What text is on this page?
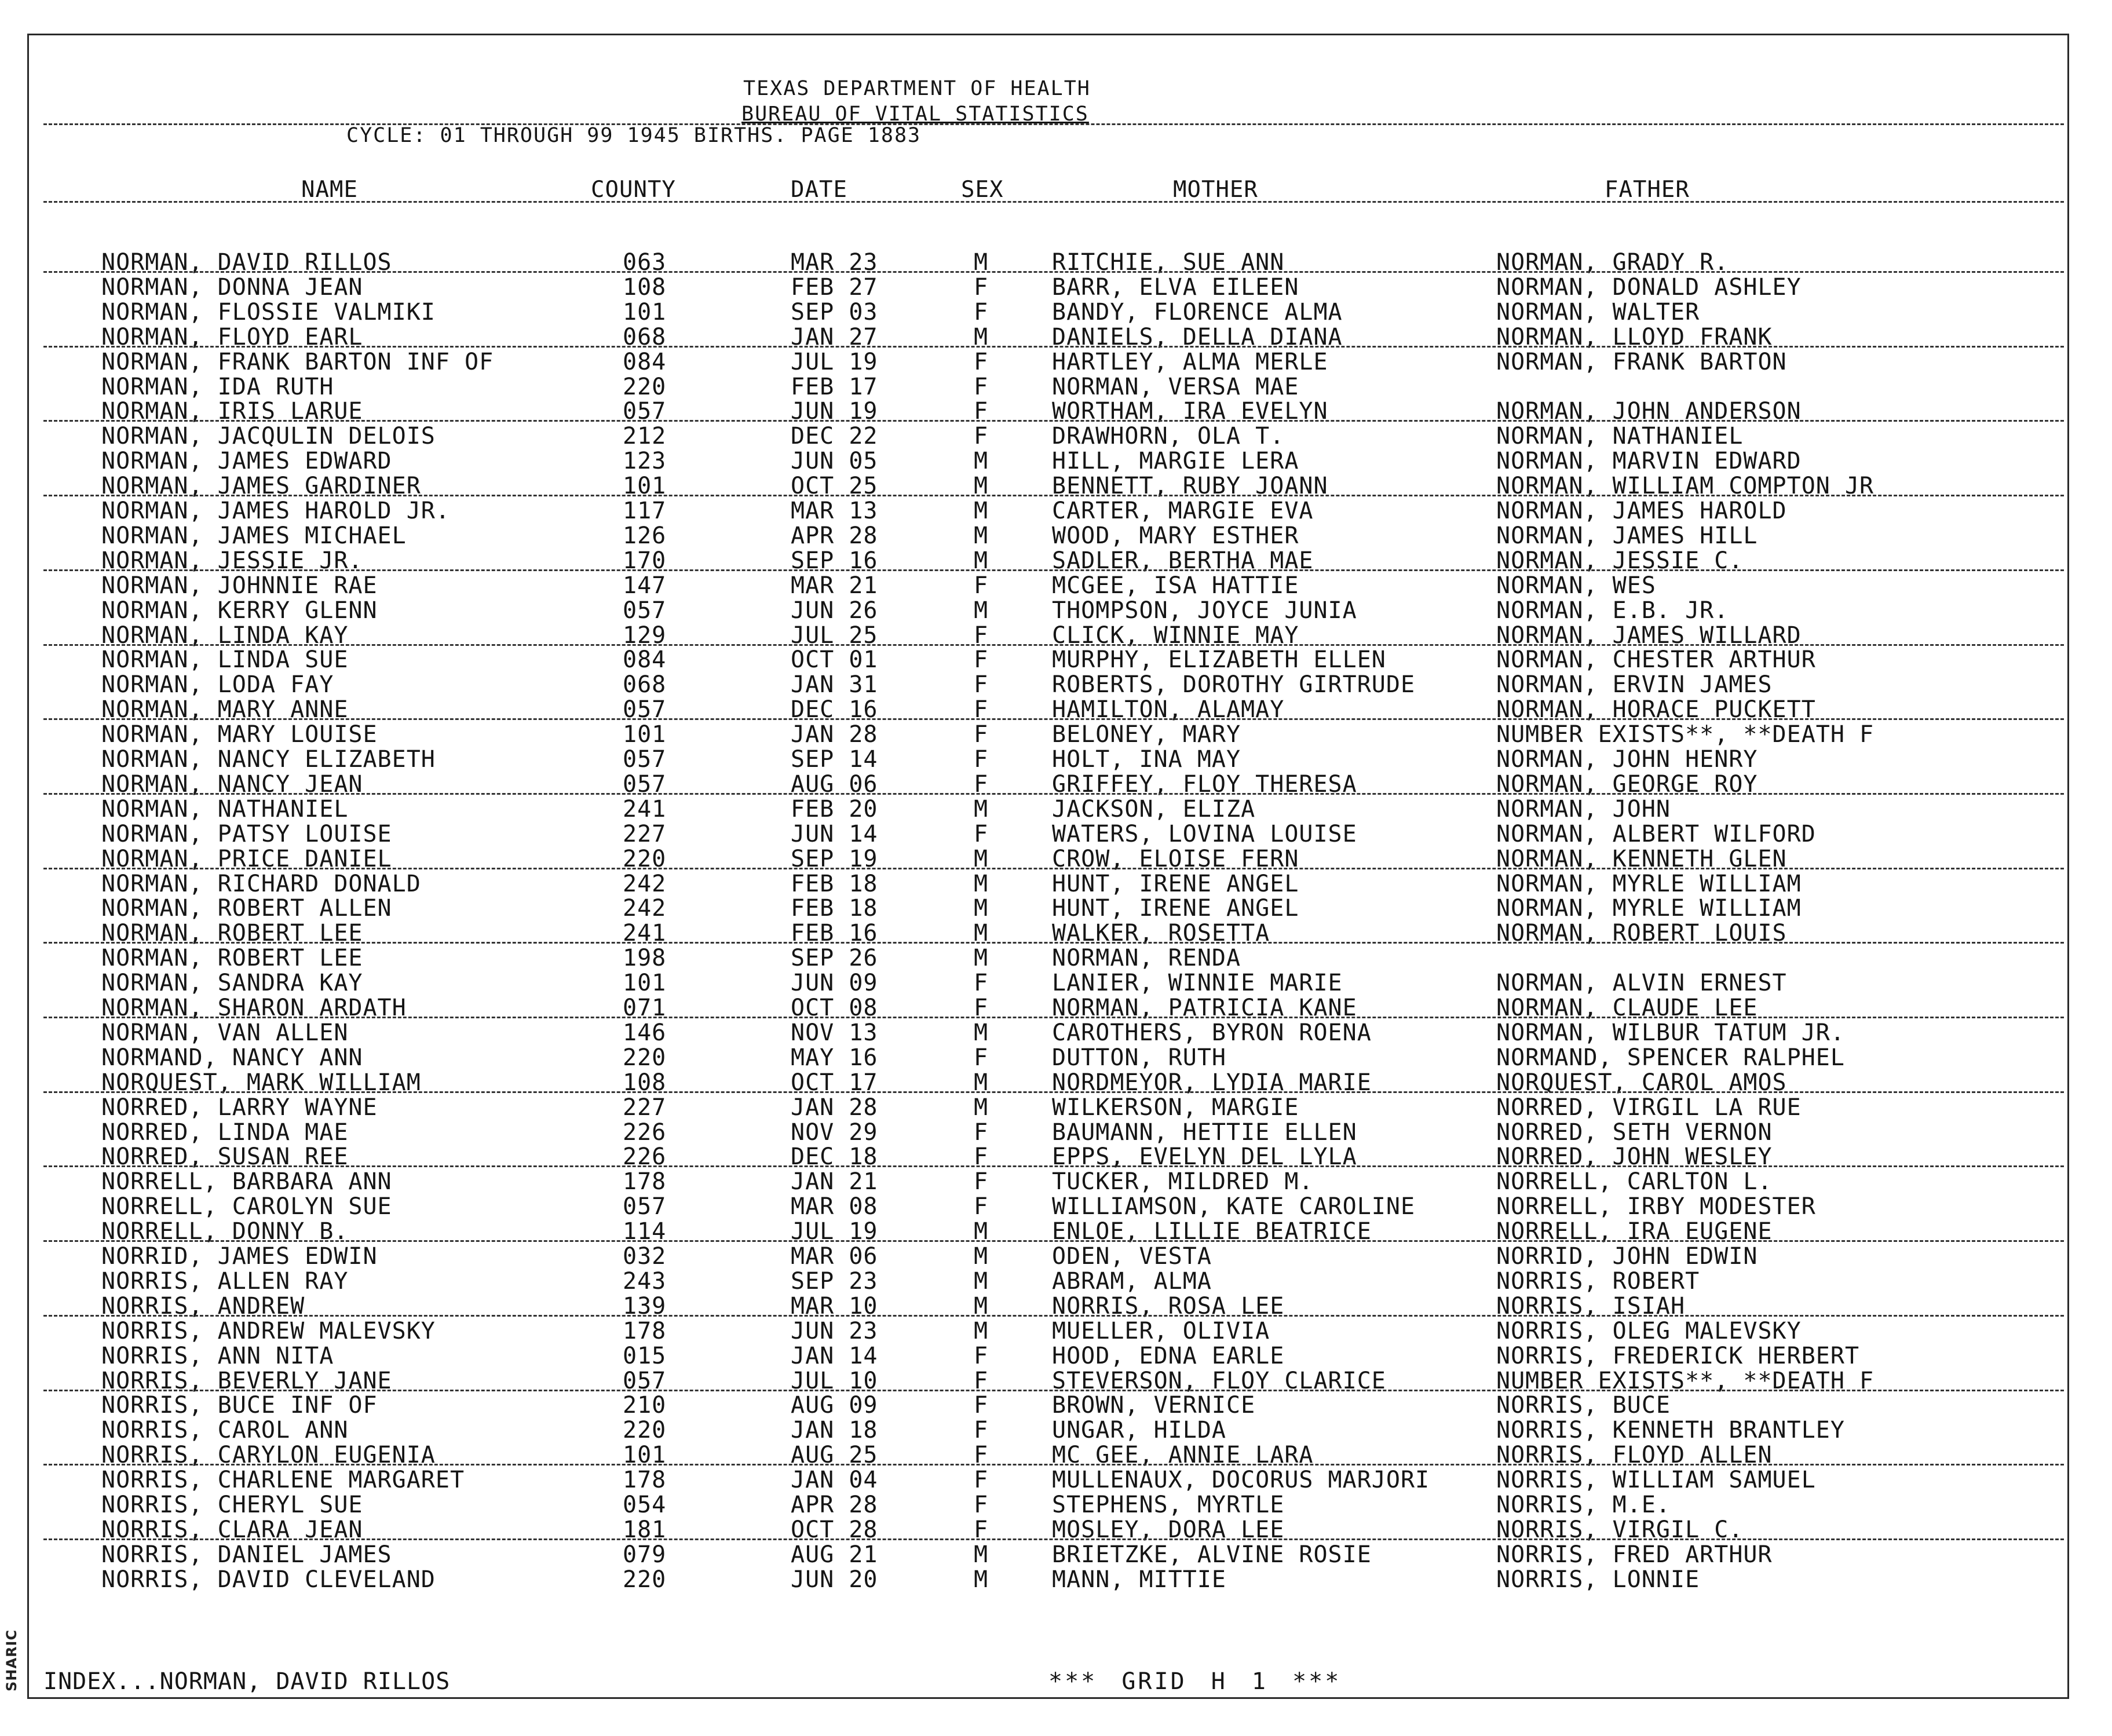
SHARIC
TEXAS DEPARTMENT OF HEALTH
BUREAU OF VITAL STATISTICS
CYCLE: 01 THROUGH 99 1945 BIRTHS. PAGE 1883
NAME	COUNTY	DATE	SEX	MOTHER	FATHER
NORMAN, DAVID RILLOS	063	MAR 23	M	RITCHIE, SUE ANN	NORMAN, GRADY R.
NORMAN, DONNA JEAN	108	FEB 27	F	BARR, ELVA EILEEN	NORMAN, DONALD ASHLEY
NORMAN, FLOSSIE VALMIKI	101	SEP 03	F	BANDY, FLORENCE ALMA	NORMAN, WALTER
NORMAN, FLOYD EARL	068	JAN 27	M	DANIELS, DELLA DIANA	NORMAN, LLOYD FRANK
NORMAN, FRANK BARTON INF OF	084	JUL 19	F	HARTLEY, ALMA MERLE	NORMAN, FRANK BARTON
NORMAN, IDA RUTH	220	FEB 17	F	NORMAN, VERSA MAE
NORMAN, IRIS LARUE	057	JUN 19	F	WORTHAM, IRA EVELYN	NORMAN, JOHN ANDERSON
NORMAN, JACQULIN DELOIS	212	DEC 22	F	DRAWHORN, OLA T.	NORMAN, NATHANIEL
NORMAN, JAMES EDWARD	123	JUN 05	M	HILL, MARGIE LERA	NORMAN, MARVIN EDWARD
NORMAN, JAMES GARDINER	101	OCT 25	M	BENNETT, RUBY JOANN	NORMAN, WILLIAM COMPTON JR
NORMAN, JAMES HAROLD JR.	117	MAR 13	M	CARTER, MARGIE EVA	NORMAN, JAMES HAROLD
NORMAN, JAMES MICHAEL	126	APR 28	M	WOOD, MARY ESTHER	NORMAN, JAMES HILL
NORMAN, JESSIE JR.	170	SEP 16	M	SADLER, BERTHA MAE	NORMAN, JESSIE C.
NORMAN, JOHNNIE RAE	147	MAR 21	F	MCGEE, ISA HATTIE	NORMAN, WES
NORMAN, KERRY GLENN	057	JUN 26	M	THOMPSON, JOYCE JUNIA	NORMAN, E.B. JR.
NORMAN, LINDA KAY	129	JUL 25	F	CLICK, WINNIE MAY	NORMAN, JAMES WILLARD
NORMAN, LINDA SUE	084	OCT 01	F	MURPHY, ELIZABETH ELLEN	NORMAN, CHESTER ARTHUR
NORMAN, LODA FAY	068	JAN 31	F	ROBERTS, DOROTHY GIRTRUDE	NORMAN, ERVIN JAMES
NORMAN, MARY ANNE	057	DEC 16	F	HAMILTON, ALAMAY	NORMAN, HORACE PUCKETT
NORMAN, MARY LOUISE	101	JAN 28	F	BELONEY, MARY	NUMBER EXISTS**, **DEATH F
NORMAN, NANCY ELIZABETH	057	SEP 14	F	HOLT, INA MAY	NORMAN, JOHN HENRY
NORMAN, NANCY JEAN	057	AUG 06	F	GRIFFEY, FLOY THERESA	NORMAN, GEORGE ROY
NORMAN, NATHANIEL	241	FEB 20	M	JACKSON, ELIZA	NORMAN, JOHN
NORMAN, PATSY LOUISE	227	JUN 14	F	WATERS, LOVINA LOUISE	NORMAN, ALBERT WILFORD
NORMAN, PRICE DANIEL	220	SEP 19	M	CROW, ELOISE FERN	NORMAN, KENNETH GLEN
NORMAN, RICHARD DONALD	242	FEB 18	M	HUNT, IRENE ANGEL	NORMAN, MYRLE WILLIAM
NORMAN, ROBERT ALLEN	242	FEB 18	M	HUNT, IRENE ANGEL	NORMAN, MYRLE WILLIAM
NORMAN, ROBERT LEE	241	FEB 16	M	WALKER, ROSETTA	NORMAN, ROBERT LOUIS
NORMAN, ROBERT LEE	198	SEP 26	M	NORMAN, RENDA
NORMAN, SANDRA KAY	101	JUN 09	F	LANIER, WINNIE MARIE	NORMAN, ALVIN ERNEST
NORMAN, SHARON ARDATH	071	OCT 08	F	NORMAN, PATRICIA KANE	NORMAN, CLAUDE LEE
NORMAN, VAN ALLEN	146	NOV 13	M	CAROTHERS, BYRON ROENA	NORMAN, WILBUR TATUM JR.
NORMAND, NANCY ANN	220	MAY 16	F	DUTTON, RUTH	NORMAND, SPENCER RALPHEL
NORQUEST, MARK WILLIAM	108	OCT 17	M	NORDMEYOR, LYDIA MARIE	NORQUEST, CAROL AMOS
NORRED, LARRY WAYNE	227	JAN 28	M	WILKERSON, MARGIE	NORRED, VIRGIL LA RUE
NORRED, LINDA MAE	226	NOV 29	F	BAUMANN, HETTIE ELLEN	NORRED, SETH VERNON
NORRED, SUSAN REE	226	DEC 18	F	EPPS, EVELYN DEL LYLA	NORRED, JOHN WESLEY
NORRELL, BARBARA ANN	178	JAN 21	F	TUCKER, MILDRED M.	NORRELL, CARLTON L.
NORRELL, CAROLYN SUE	057	MAR 08	F	WILLIAMSON, KATE CAROLINE	NORRELL, IRBY MODESTER
NORRELL, DONNY B.	114	JUL 19	M	ENLOE, LILLIE BEATRICE	NORRELL, IRA EUGENE
NORRID, JAMES EDWIN	032	MAR 06	M	ODEN, VESTA	NORRID, JOHN EDWIN
NORRIS, ALLEN RAY	243	SEP 23	M	ABRAM, ALMA	NORRIS, ROBERT
NORRIS, ANDREW	139	MAR 10	M	NORRIS, ROSA LEE	NORRIS, ISIAH
NORRIS, ANDREW MALEVSKY	178	JUN 23	M	MUELLER, OLIVIA	NORRIS, OLEG MALEVSKY
NORRIS, ANN NITA	015	JAN 14	F	HOOD, EDNA EARLE	NORRIS, FREDERICK HERBERT
NORRIS, BEVERLY JANE	057	JUL 10	F	STEVERSON, FLOY CLARICE	NUMBER EXISTS**, **DEATH F
NORRIS, BUCE INF OF	210	AUG 09	F	BROWN, VERNICE	NORRIS, BUCE
NORRIS, CAROL ANN	220	JAN 18	F	UNGAR, HILDA	NORRIS, KENNETH BRANTLEY
NORRIS, CARYLON EUGENIA	101	AUG 25	F	MC GEE, ANNIE LARA	NORRIS, FLOYD ALLEN
NORRIS, CHARLENE MARGARET	178	JAN 04	F	MULLENAUX, DOCORUS MARJORI	NORRIS, WILLIAM SAMUEL
NORRIS, CHERYL SUE	054	APR 28	F	STEPHENS, MYRTLE	NORRIS, M.E.
NORRIS, CLARA JEAN	181	OCT 28	F	MOSLEY, DORA LEE	NORRIS, VIRGIL C.
NORRIS, DANIEL JAMES	079	AUG 21	M	BRIETZKE, ALVINE ROSIE	NORRIS, FRED ARTHUR
NORRIS, DAVID CLEVELAND	220	JUN 20	M	MANN, MITTIE	NORRIS, LONNIE
INDEX...NORMAN, DAVID RILLOS	*** GRID H 1 ***
